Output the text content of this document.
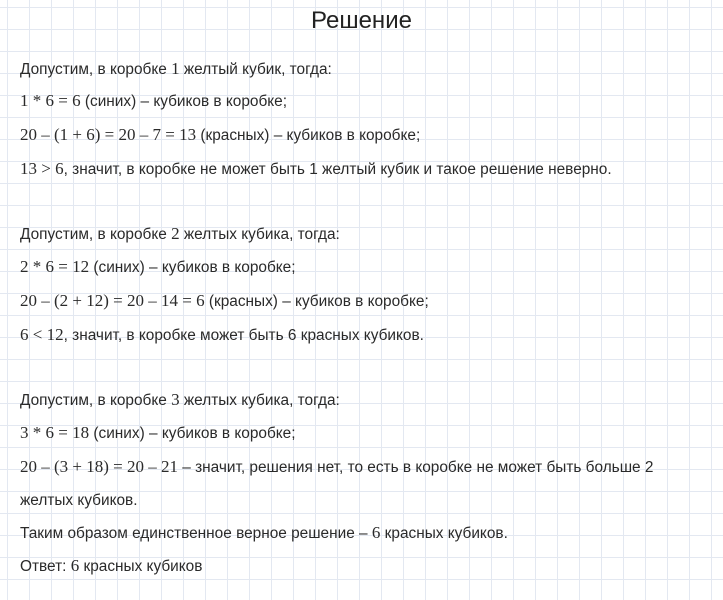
Решение
Допустим, в коробке 1 желтый кубик, тогда:
1 * 6 = 6 (синих) – кубиков в коробке;
20 – (1 + 6) = 20 – 7 = 13 (красных) – кубиков в коробке;
13 > 6, значит, в коробке не может быть 1 желтый кубик и такое решение неверно.
Допустим, в коробке 2 желтых кубика, тогда:
2 * 6 = 12 (синих) – кубиков в коробке;
20 – (2 + 12) = 20 – 14 = 6 (красных) – кубиков в коробке;
6 < 12, значит, в коробке может быть 6 красных кубиков.
Допустим, в коробке 3 желтых кубика, тогда:
3 * 6 = 18 (синих) – кубиков в коробке;
20 – (3 + 18) = 20 – 21 – значит, решения нет, то есть в коробке не может быть больше 2
желтых кубиков.
Таким образом единственное верное решение – 6 красных кубиков.
Ответ: 6 красных кубиков
